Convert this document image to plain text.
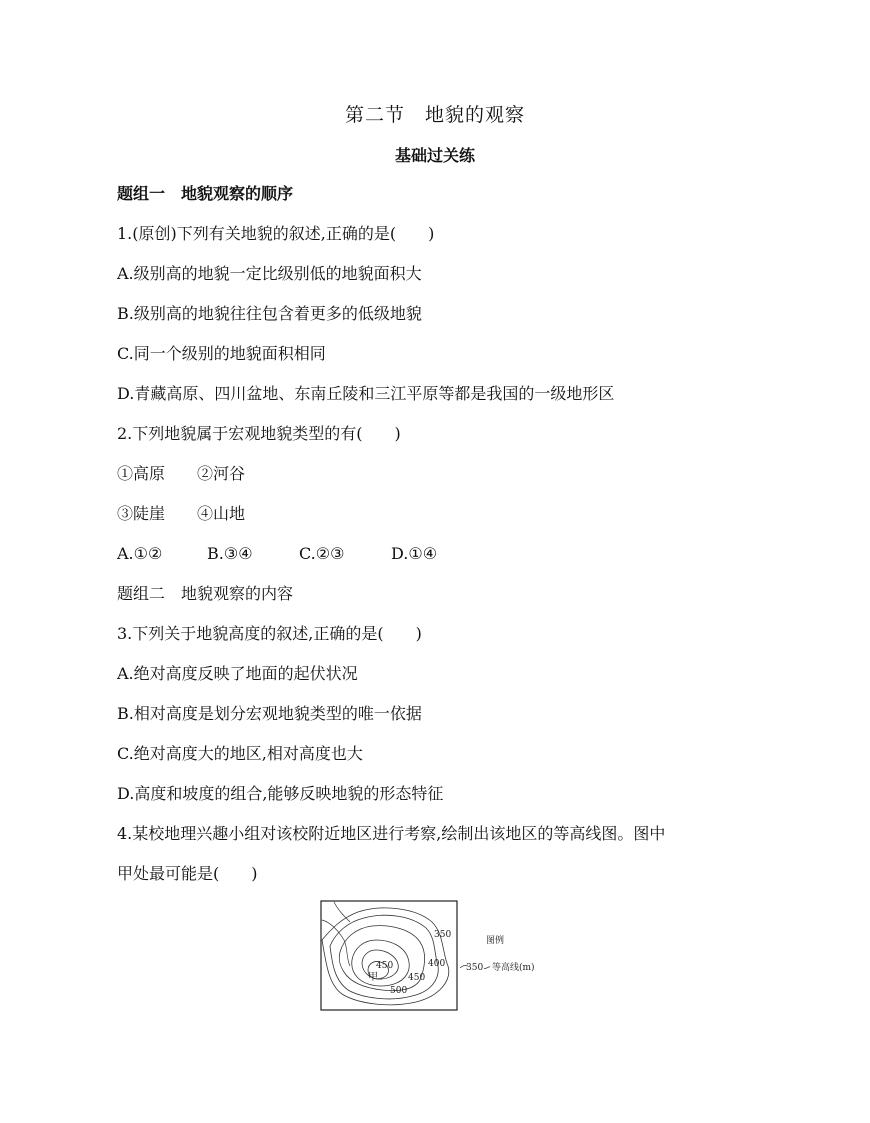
第二节　地貌的观察
基础过关练
题组一　地貌观察的顺序
1.(原创)下列有关地貌的叙述,正确的是(　　)
A.级别高的地貌一定比级别低的地貌面积大
B.级别高的地貌往往包含着更多的低级地貌
C.同一个级别的地貌面积相同
D.青藏高原、四川盆地、东南丘陵和三江平原等都是我国的一级地形区
2.下列地貌属于宏观地貌类型的有(　　)
①高原　　②河谷
③陡崖　　④山地
A.①②	B.③④	C.②③	D.①④
题组二　地貌观察的内容
3.下列关于地貌高度的叙述,正确的是(　　)
A.绝对高度反映了地面的起伏状况
B.相对高度是划分宏观地貌类型的唯一依据
C.绝对高度大的地区,相对高度也大
D.高度和坡度的组合,能够反映地貌的形态特征
4.某校地理兴趣小组对该校附近地区进行考察,绘制出该地区的等高线图。图中
甲处最可能是(　　)
350
400
450
450
500
甲
图例
350 等高线(m)
